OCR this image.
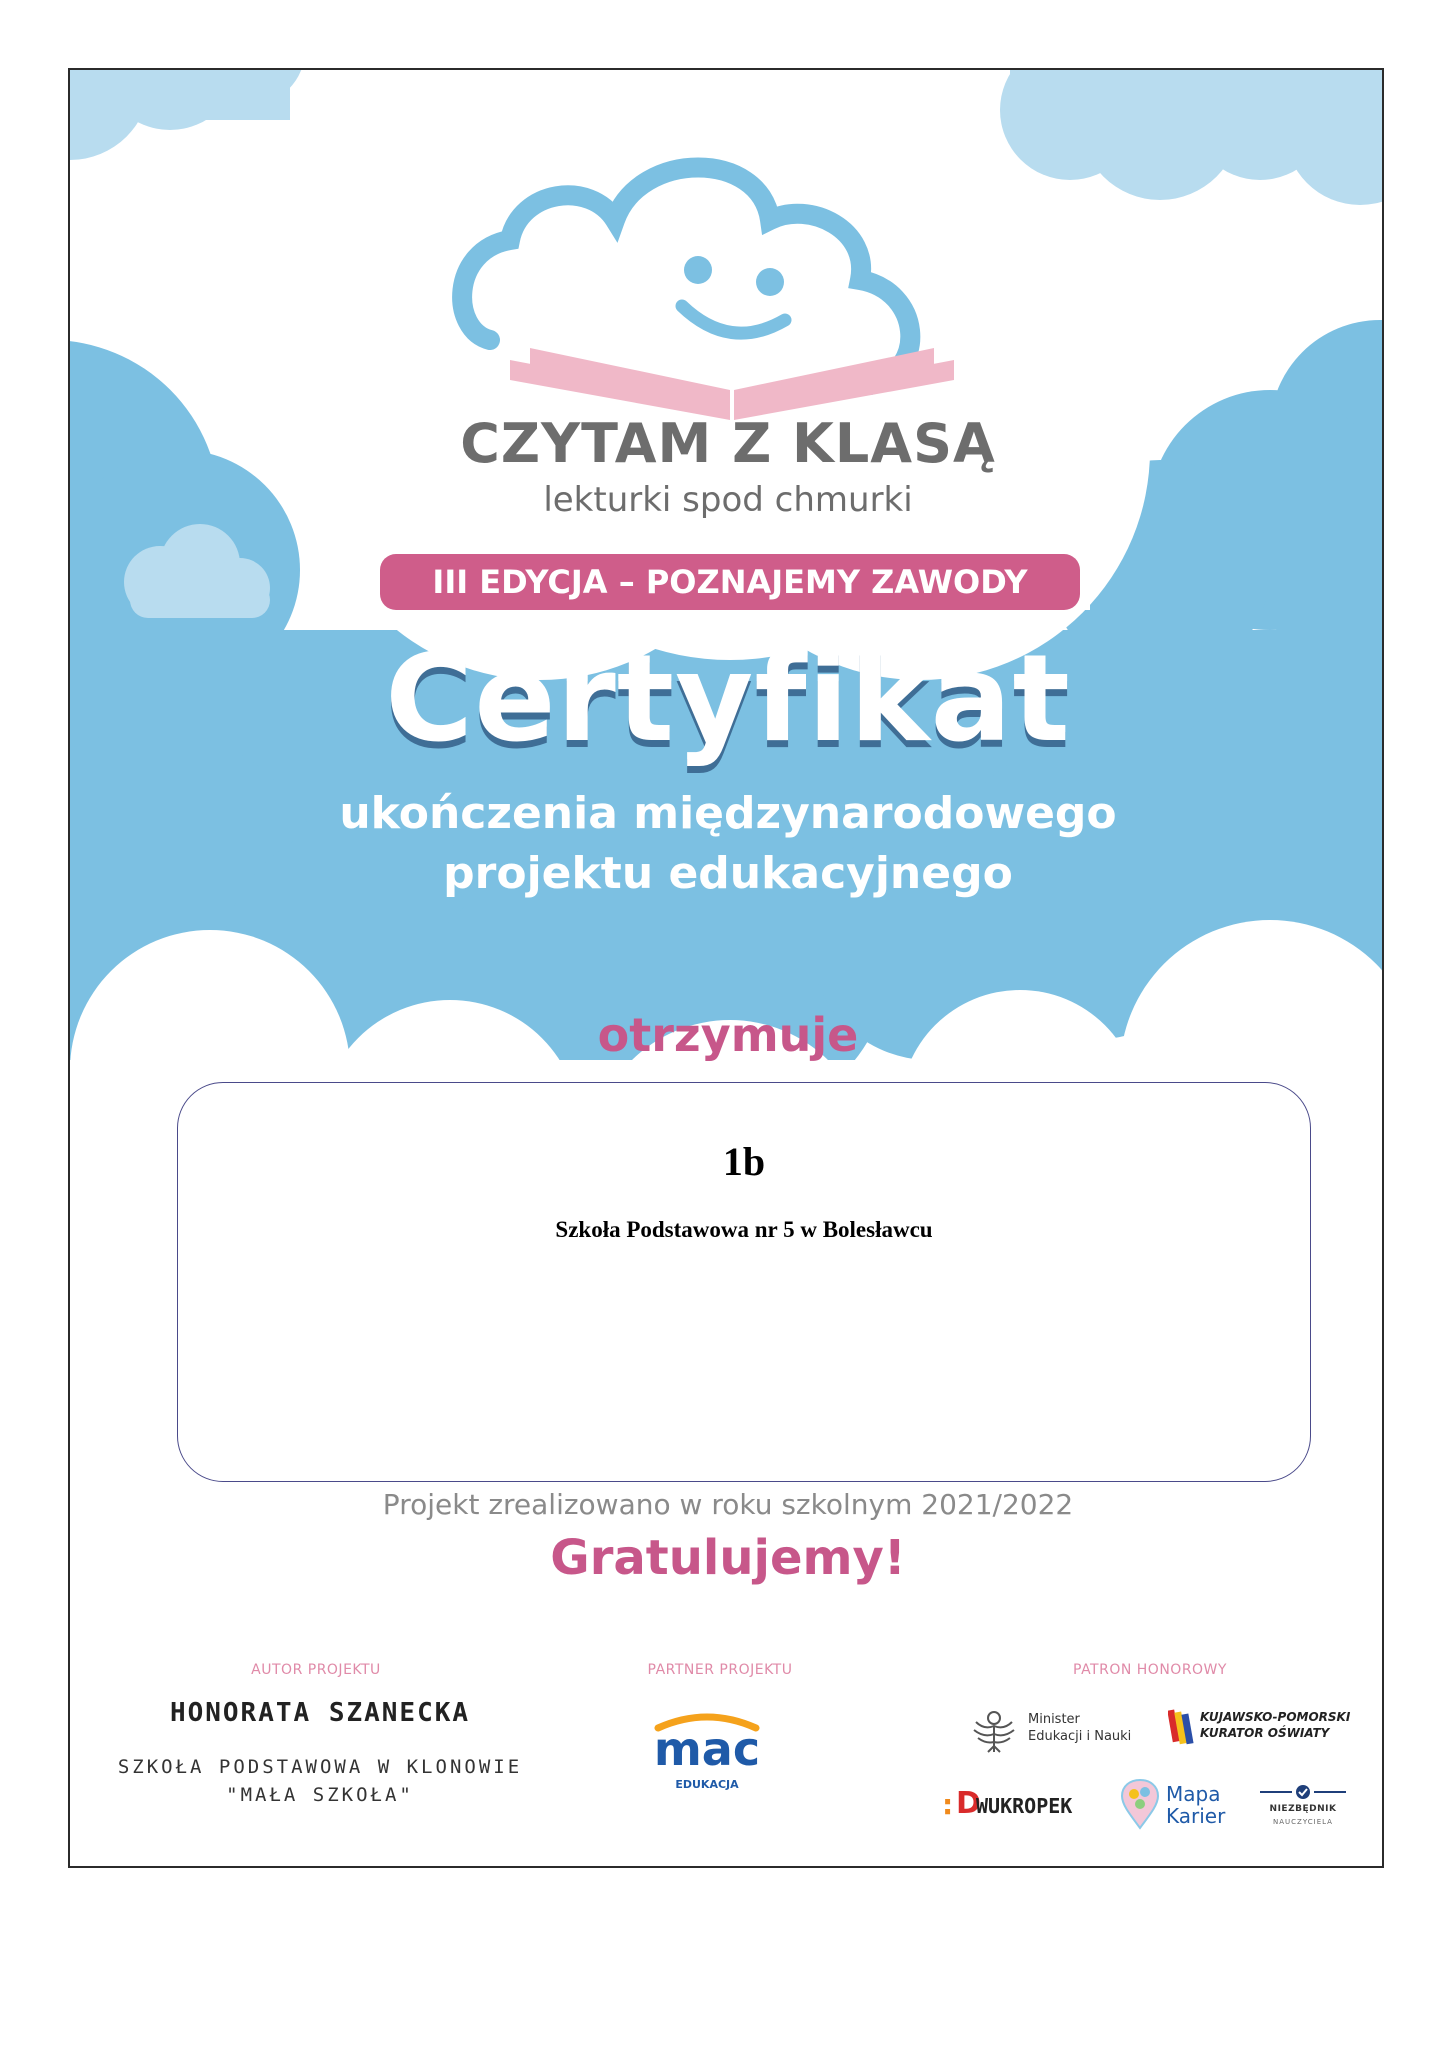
CZYTAM Z KLASĄ
lekturki spod chmurki
III EDYCJA – POZNAJEMY ZAWODY
Certyfikat
ukończenia międzynarodowego
projektu edukacyjnego
otrzymuje
1b
Szkoła Podstawowa nr 5 w Bolesławcu
Projekt zrealizowano w roku szkolnym 2021/2022
Gratulujemy!
AUTOR PROJEKTU
HONORATA SZANECKA
SZKOŁA PODSTAWOWA W KLONOWIE
"MAŁA SZKOŁA"
PARTNER PROJEKTU
mac
EDUKACJA
PATRON HONOROWY
Minister
Edukacji i Nauki
KUJAWSKO-POMORSKI
KURATOR OŚWIATY
: D
WUKROPEK	Mapa
Karier	NIEZBĘDNIK
NAUCZYCIELA
